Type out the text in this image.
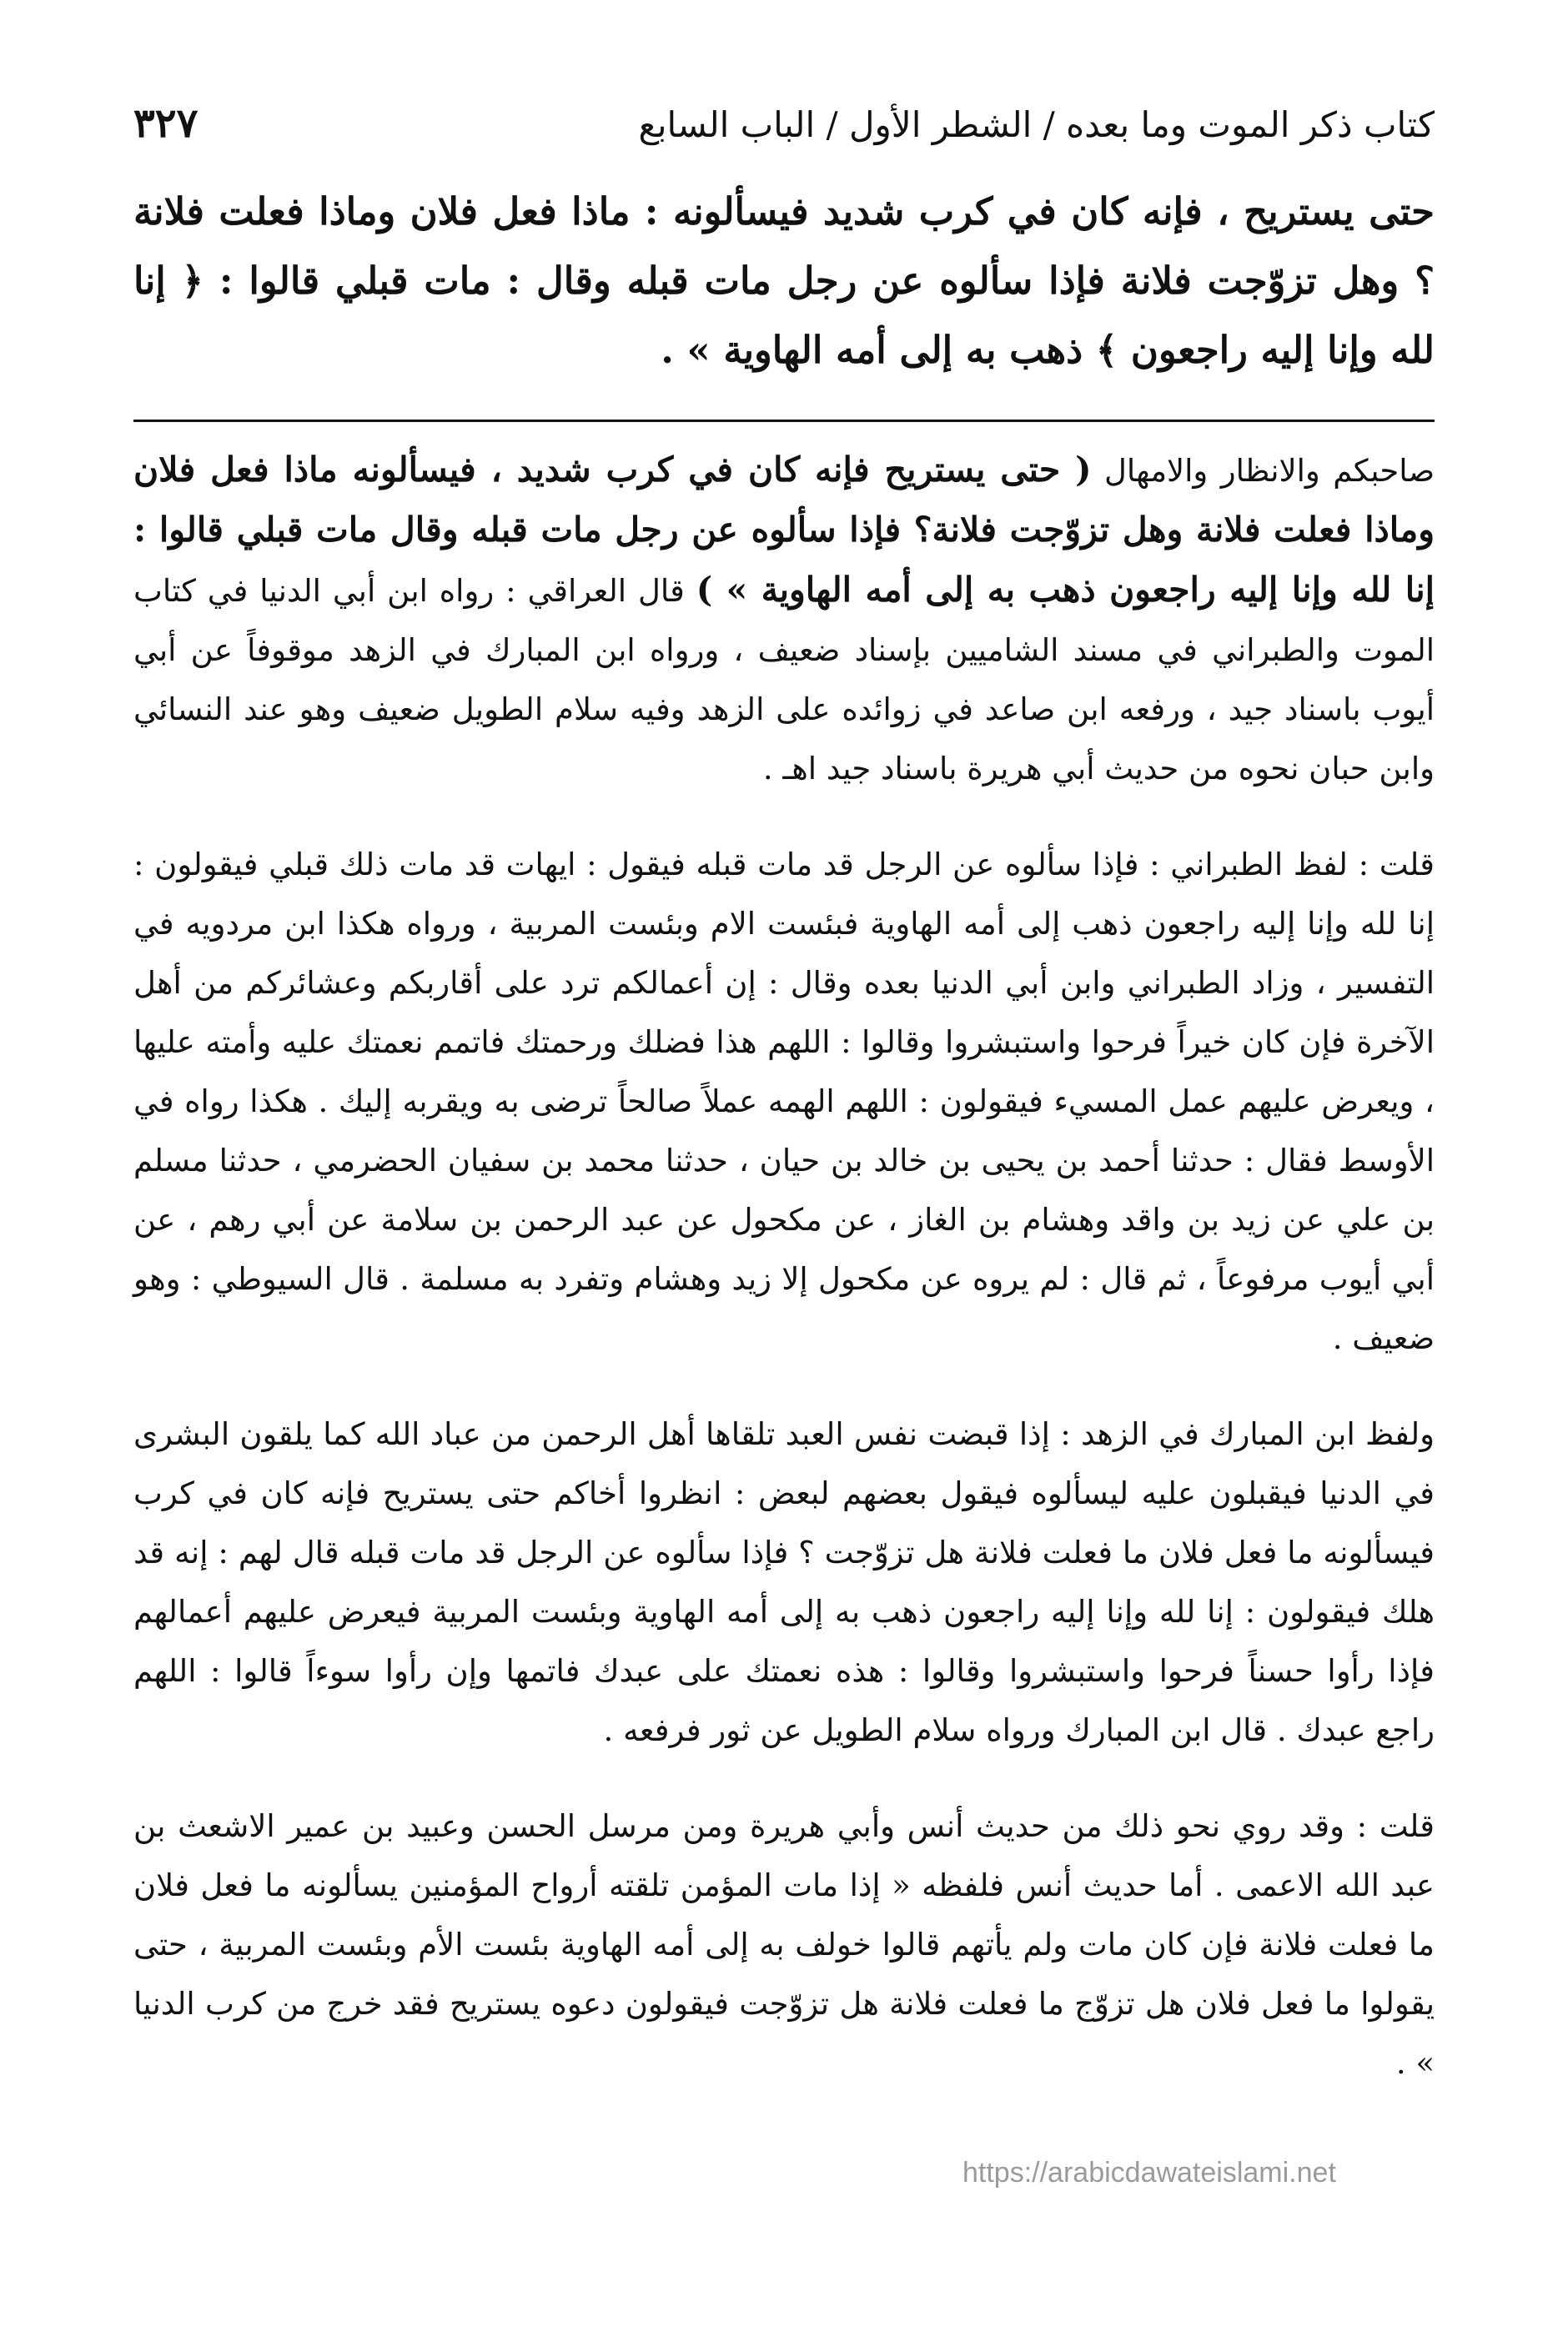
كتاب ذكر الموت وما بعده / الشطر الأول / الباب السابع
٣٢٧

حتى يستريح ، فإنه كان في كرب شديد فيسألونه : ماذا فعل فلان وماذا فعلت فلانة ؟ وهل تزوّجت فلانة فإذا سألوه عن رجل مات قبله وقال : مات قبلي قالوا : ﴿ إنا لله وإنا إليه راجعون ﴾ ذهب به إلى أمه الهاوية » .

صاحبكم والانظار والامهال ( حتى يستريح فإنه كان في كرب شديد ، فيسألونه ماذا فعل فلان وماذا فعلت فلانة وهل تزوّجت فلانة؟ فإذا سألوه عن رجل مات قبله وقال مات قبلي قالوا : إنا لله وإنا إليه راجعون ذهب به إلى أمه الهاوية » ) قال العراقي : رواه ابن أبي الدنيا في كتاب الموت والطبراني في مسند الشاميين بإسناد ضعيف ، ورواه ابن المبارك في الزهد موقوفاً عن أبي أيوب باسناد جيد ، ورفعه ابن صاعد في زوائده على الزهد وفيه سلام الطويل ضعيف وهو عند النسائي وابن حبان نحوه من حديث أبي هريرة باسناد جيد اهـ .

قلت : لفظ الطبراني : فإذا سألوه عن الرجل قد مات قبله فيقول : ايهات قد مات ذلك قبلي فيقولون : إنا لله وإنا إليه راجعون ذهب إلى أمه الهاوية فبئست الام وبئست المربية ، ورواه هكذا ابن مردويه في التفسير ، وزاد الطبراني وابن أبي الدنيا بعده وقال : إن أعمالكم ترد على أقاربكم وعشائركم من أهل الآخرة فإن كان خيراً فرحوا واستبشروا وقالوا : اللهم هذا فضلك ورحمتك فاتمم نعمتك عليه وأمته عليها ، ويعرض عليهم عمل المسيء فيقولون : اللهم الهمه عملاً صالحاً ترضى به ويقربه إليك . هكذا رواه في الأوسط فقال : حدثنا أحمد بن يحيى بن خالد بن حيان ، حدثنا محمد بن سفيان الحضرمي ، حدثنا مسلم بن علي عن زيد بن واقد وهشام بن الغاز ، عن مكحول عن عبد الرحمن بن سلامة عن أبي رهم ، عن أبي أيوب مرفوعاً ، ثم قال : لم يروه عن مكحول إلا زيد وهشام وتفرد به مسلمة . قال السيوطي : وهو ضعيف .

ولفظ ابن المبارك في الزهد : إذا قبضت نفس العبد تلقاها أهل الرحمن من عباد الله كما يلقون البشرى في الدنيا فيقبلون عليه ليسألوه فيقول بعضهم لبعض : انظروا أخاكم حتى يستريح فإنه كان في كرب فيسألونه ما فعل فلان ما فعلت فلانة هل تزوّجت ؟ فإذا سألوه عن الرجل قد مات قبله قال لهم : إنه قد هلك فيقولون : إنا لله وإنا إليه راجعون ذهب به إلى أمه الهاوية وبئست المربية فيعرض عليهم أعمالهم فإذا رأوا حسناً فرحوا واستبشروا وقالوا : هذه نعمتك على عبدك فاتمها وإن رأوا سوءاً قالوا : اللهم راجع عبدك . قال ابن المبارك ورواه سلام الطويل عن ثور فرفعه .

قلت : وقد روي نحو ذلك من حديث أنس وأبي هريرة ومن مرسل الحسن وعبيد بن عمير الاشعث بن عبد الله الاعمى . أما حديث أنس فلفظه « إذا مات المؤمن تلقته أرواح المؤمنين يسألونه ما فعل فلان ما فعلت فلانة فإن كان مات ولم يأتهم قالوا خولف به إلى أمه الهاوية بئست الأم وبئست المربية ، حتى يقولوا ما فعل فلان هل تزوّج ما فعلت فلانة هل تزوّجت فيقولون دعوه يستريح فقد خرج من كرب الدنيا » .

https://arabicdawateislami.net
